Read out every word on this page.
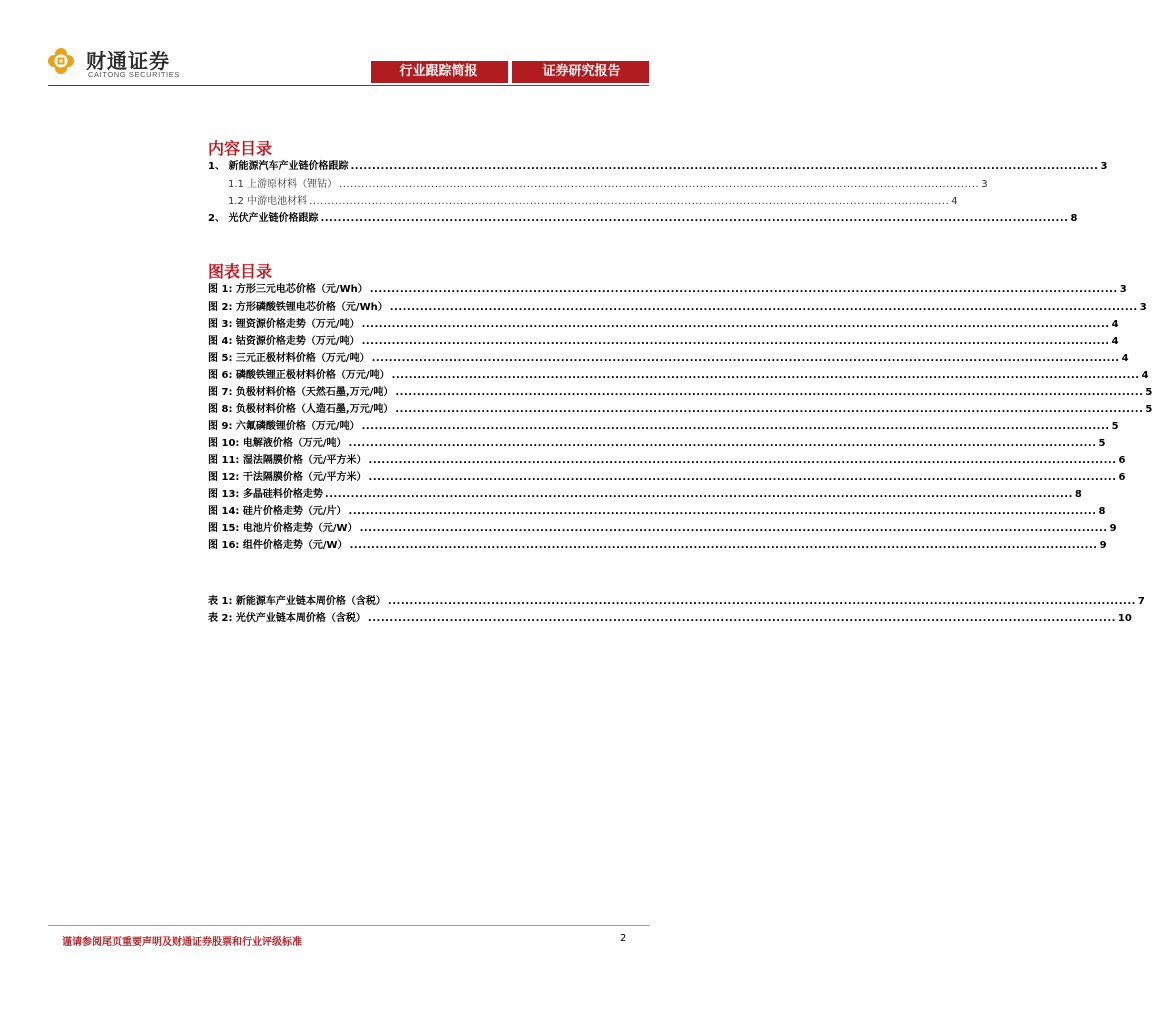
财通证券
CAITONG SECURITIES	行业跟踪简报	证券研究报告
内容目录
1、 新能源汽车产业链价格跟踪 .............................................................................................................................................................................. 3
1.1 上游原材料（锂钴） .............................................................................................................................................................................. 3
1.2 中游电池材料 .............................................................................................................................................................................. 4
2、 光伏产业链价格跟踪 .............................................................................................................................................................................. 8
图表目录
图 1: 方形三元电芯价格（元/Wh） .............................................................................................................................................................................. 3
图 2: 方形磷酸铁锂电芯价格（元/Wh） .............................................................................................................................................................................. 3
图 3: 锂资源价格走势（万元/吨） .............................................................................................................................................................................. 4
图 4: 钴资源价格走势（万元/吨） .............................................................................................................................................................................. 4
图 5: 三元正极材料价格（万元/吨） .............................................................................................................................................................................. 4
图 6: 磷酸铁锂正极材料价格（万元/吨） .............................................................................................................................................................................. 4
图 7: 负极材料价格（天然石墨,万元/吨） .............................................................................................................................................................................. 5
图 8: 负极材料价格（人造石墨,万元/吨） .............................................................................................................................................................................. 5
图 9: 六氟磷酸锂价格（万元/吨） .............................................................................................................................................................................. 5
图 10: 电解液价格（万元/吨） .............................................................................................................................................................................. 5
图 11: 湿法隔膜价格（元/平方米） .............................................................................................................................................................................. 6
图 12: 干法隔膜价格（元/平方米） .............................................................................................................................................................................. 6
图 13: 多晶硅料价格走势 .............................................................................................................................................................................. 8
图 14: 硅片价格走势（元/片） .............................................................................................................................................................................. 8
图 15: 电池片价格走势（元/W） .............................................................................................................................................................................. 9
图 16: 组件价格走势（元/W） .............................................................................................................................................................................. 9
表 1: 新能源车产业链本周价格（含税） .............................................................................................................................................................................. 7
表 2: 光伏产业链本周价格（含税） .............................................................................................................................................................................. 10
谨请参阅尾页重要声明及财通证券股票和行业评级标准	2
